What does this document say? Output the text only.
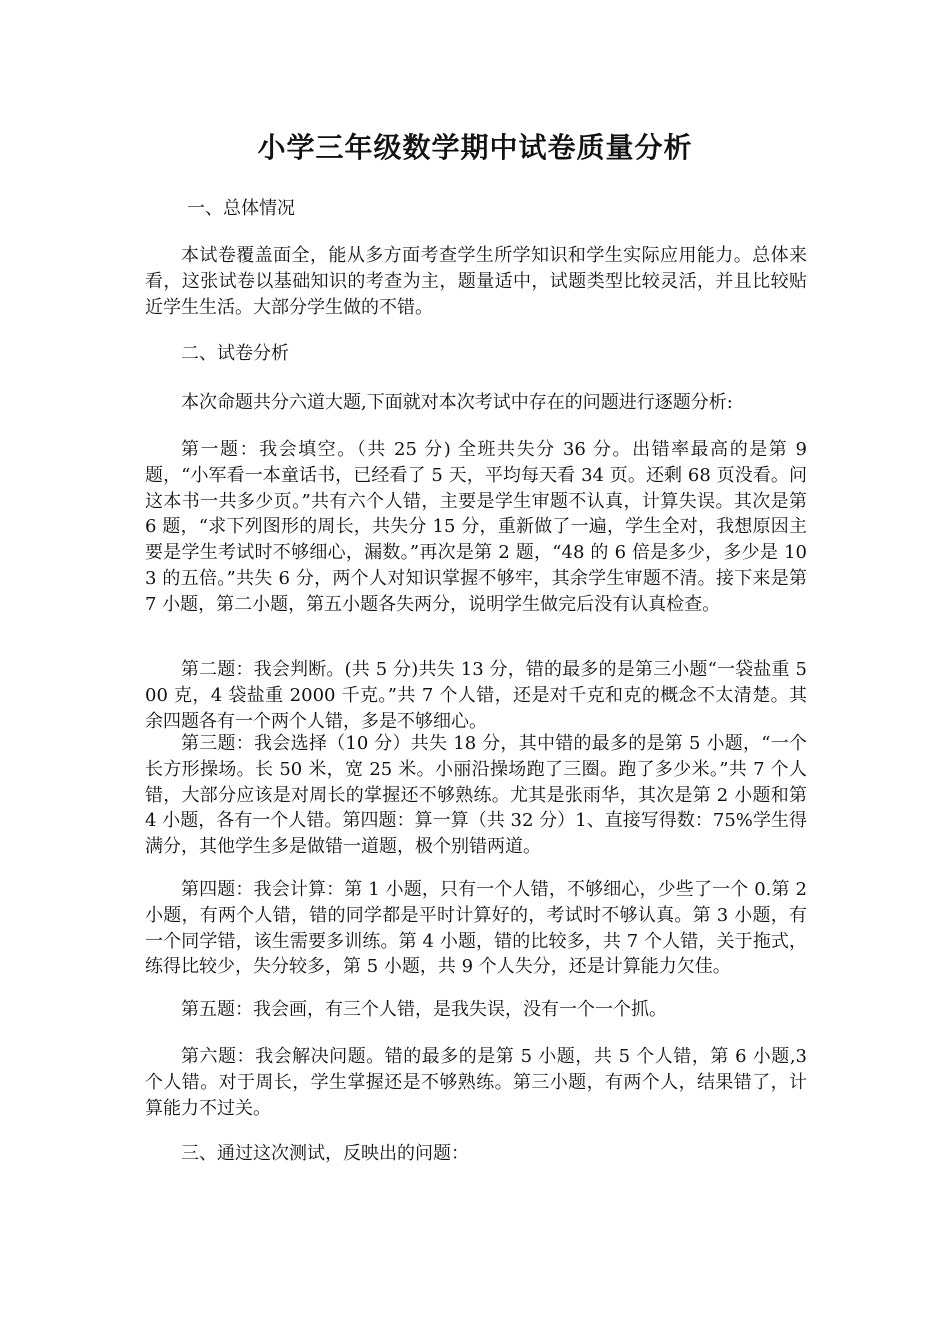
小学三年级数学期中试卷质量分析
一、总体情况
本试卷覆盖面全，能从多方面考查学生所学知识和学生实际应用能力。总体来看，这张试卷以基础知识的考查为主，题量适中，试题类型比较灵活，并且比较贴近学生生活。大部分学生做的不错。
二、试卷分析
本次命题共分六道大题,下面就对本次考试中存在的问题进行逐题分析:
第一题：我会填空。（共 25 分) 全班共失分 36 分。出错率最高的是第 9 题，“小军看一本童话书，已经看了 5 天，平均每天看 34 页。还剩 68 页没看。问这本书一共多少页。”共有六个人错，主要是学生审题不认真，计算失误。其次是第 6 题，“求下列图形的周长，共失分 15 分，重新做了一遍，学生全对，我想原因主要是学生考试时不够细心，漏数。”再次是第 2 题，“48 的 6 倍是多少，多少是 103 的五倍。”共失 6 分，两个人对知识掌握不够牢，其余学生审题不清。接下来是第 7 小题，第二小题，第五小题各失两分，说明学生做完后没有认真检查。
第二题：我会判断。(共 5 分)共失 13 分，错的最多的是第三小题“一袋盐重 500 克，4 袋盐重 2000 千克。”共 7 个人错，还是对千克和克的概念不太清楚。其余四题各有一个两个人错，多是不够细心。
第三题：我会选择（10 分）共失 18 分，其中错的最多的是第 5 小题，“一个长方形操场。长 50 米，宽 25 米。小丽沿操场跑了三圈。跑了多少米。”共 7 个人错，大部分应该是对周长的掌握还不够熟练。尤其是张雨华，其次是第 2 小题和第 4 小题，各有一个人错。第四题：算一算（共 32 分）1、直接写得数：75%学生得满分，其他学生多是做错一道题，极个别错两道。
第四题：我会计算：第 1 小题，只有一个人错，不够细心，少些了一个 0.第 2 小题，有两个人错，错的同学都是平时计算好的，考试时不够认真。第 3 小题，有一个同学错，该生需要多训练。第 4 小题，错的比较多，共 7 个人错，关于拖式，练得比较少，失分较多，第 5 小题，共 9 个人失分，还是计算能力欠佳。
第五题：我会画，有三个人错，是我失误，没有一个一个抓。
第六题：我会解决问题。错的最多的是第 5 小题，共 5 个人错，第 6 小题,3 个人错。对于周长，学生掌握还是不够熟练。第三小题，有两个人，结果错了，计算能力不过关。
三、通过这次测试，反映出的问题：
